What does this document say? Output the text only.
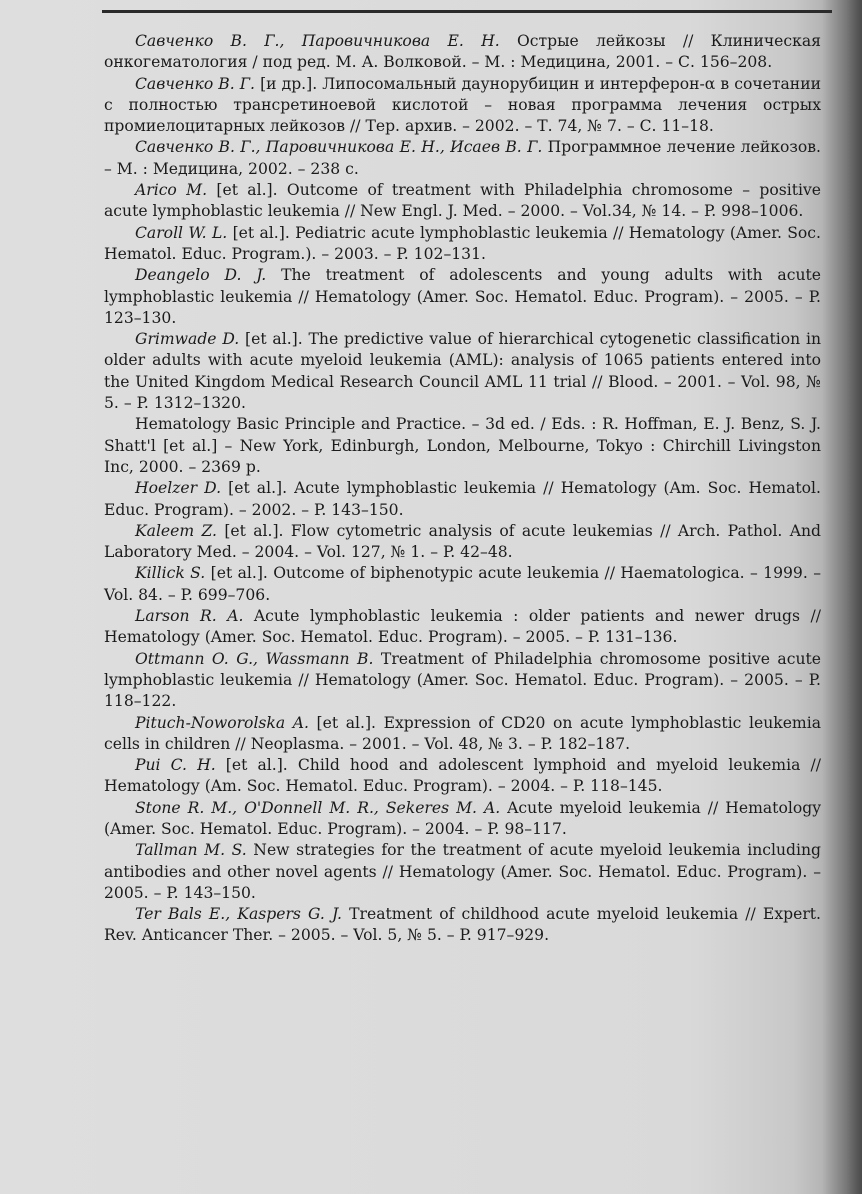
Савченко В. Г., Паровичникова Е. Н. Острые лейкозы // Клиническая онкогематология / под ред. М. А. Волковой. – М. : Медицина, 2001. – С. 156–208.

Савченко В. Г. [и др.]. Липосомальный даунорубицин и интерферон-α в сочетании с полностью трансретиноевой кислотой – новая программа лечения острых промиелоцитарных лейкозов // Тер. архив. – 2002. – Т. 74, № 7. – С. 11–18.

Савченко В. Г., Паровичникова Е. Н., Исаев В. Г. Программное лечение лейкозов. – М. : Медицина, 2002. – 238 с.

Arico M. [et al.]. Outcome of treatment with Philadelphia chromosome – positive acute lymphoblastic leukemia // New Engl. J. Med. – 2000. – Vol.34, № 14. – P. 998–1006.

Caroll W. L. [et al.]. Pediatric acute lymphoblastic leukemia // Hematology (Amer. Soc. Hematol. Educ. Program.). – 2003. – P. 102–131.

Deangelo D. J. The treatment of adolescents and young adults with acute lymphoblastic leukemia // Hematology (Amer. Soc. Hematol. Educ. Program). – 2005. – P. 123–130.

Grimwade D. [et al.]. The predictive value of hierarchical cytogenetic classification in older adults with acute myeloid leukemia (AML): analysis of 1065 patients entered into the United Kingdom Medical Research Council AML 11 trial // Blood. – 2001. – Vol. 98, № 5. – P. 1312–1320.

Hematology Basic Principle and Practice. – 3d ed. / Eds. : R. Hoffman, E. J. Benz, S. J. Shatt'l [et al.] – New York, Edinburgh, London, Melbourne, Tokyo : Chirchill Livingston Inc, 2000. – 2369 p.

Hoelzer D. [et al.]. Acute lymphoblastic leukemia // Hematology (Am. Soc. Hematol. Educ. Program). – 2002. – P. 143–150.

Kaleem Z. [et al.]. Flow cytometric analysis of acute leukemias // Arch. Pathol. And Laboratory Med. – 2004. – Vol. 127, № 1. – P. 42–48.

Killick S. [et al.]. Outcome of biphenotypic acute leukemia // Haematologica. – 1999. – Vol. 84. – P. 699–706.

Larson R. A. Acute lymphoblastic leukemia : older patients and newer drugs // Hematology (Amer. Soc. Hematol. Educ. Program). – 2005. – P. 131–136.

Ottmann O. G., Wassmann B. Treatment of Philadelphia chromosome positive acute lymphoblastic leukemia // Hematology (Amer. Soc. Hematol. Educ. Program). – 2005. – P. 118–122.

Pituch-Noworolska A. [et al.]. Expression of CD20 on acute lymphoblastic leukemia cells in children // Neoplasma. – 2001. – Vol. 48, № 3. – P. 182–187.

Pui C. H. [et al.]. Child hood and adolescent lymphoid and myeloid leukemia // Hematology (Am. Soc. Hematol. Educ. Program). – 2004. – P. 118–145.

Stone R. M., O'Donnell M. R., Sekeres M. A. Acute myeloid leukemia // Hematology (Amer. Soc. Hematol. Educ. Program). – 2004. – P. 98–117.

Tallman M. S. New strategies for the treatment of acute myeloid leukemia including antibodies and other novel agents // Hematology (Amer. Soc. Hematol. Educ. Program). – 2005. – P. 143–150.

Ter Bals E., Kaspers G. J. Treatment of childhood acute myeloid leukemia // Expert. Rev. Anticancer Ther. – 2005. – Vol. 5, № 5. – P. 917–929.
